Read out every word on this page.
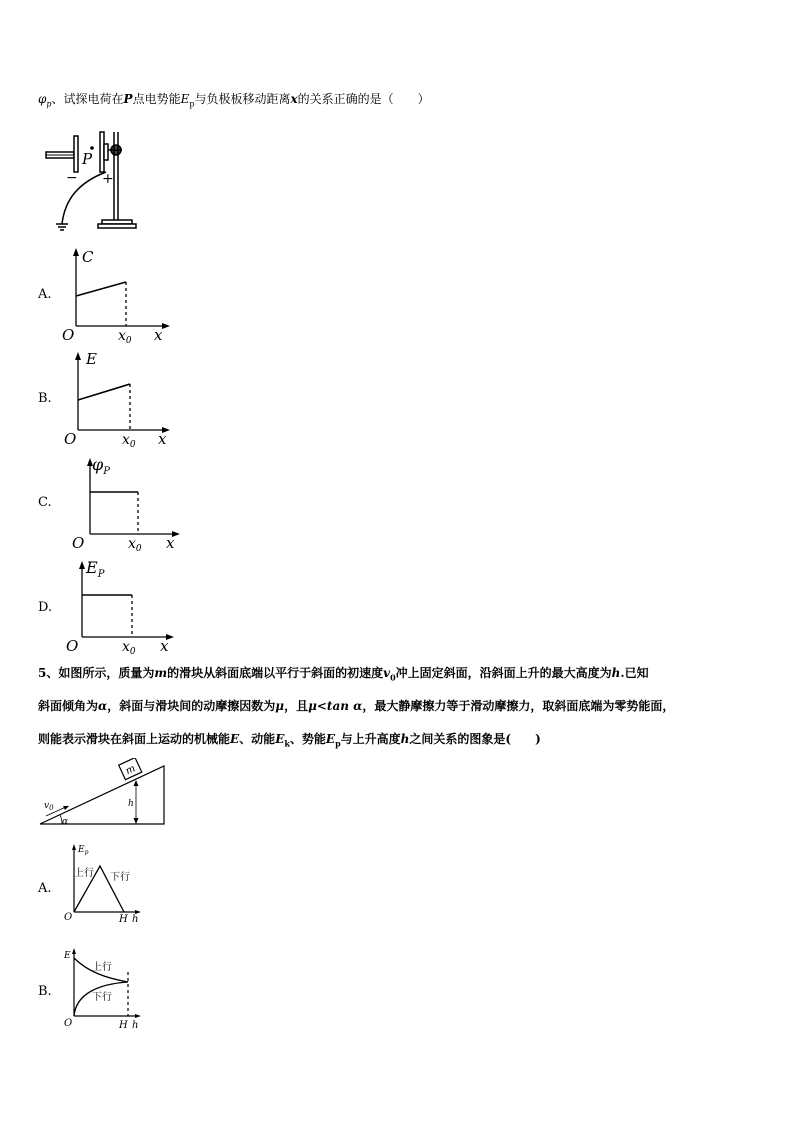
$\varphi_p$、试探电荷在P点电势能$E_p$与负极板移动距离x的关系正确的是（　　）
P
− +
A.
C
O	$x_0$ x
B.
E
O	$x_0$ x
C.
$\varphi_P$
O	$x_0$ x
D.
$E_P$
O	$x_0$ x
5、如图所示，质量为m的滑块从斜面底端以平行于斜面的初速度$v_0$冲上固定斜面，沿斜面上升的最大高度为h.已知
斜面倾角为α，斜面与滑块间的动摩擦因数为μ，且μ<tan α，最大静摩擦力等于滑动摩擦力，取斜面底端为零势能面，
则能表示滑块在斜面上运动的机械能E、动能$E_k$、势能$E_p$与上升高度h之间关系的图象是(　　)
m
$v_0$	h
α
A.
$E_p$
上行 下行
O	H h
B.
E
上行
下行
O	H h
